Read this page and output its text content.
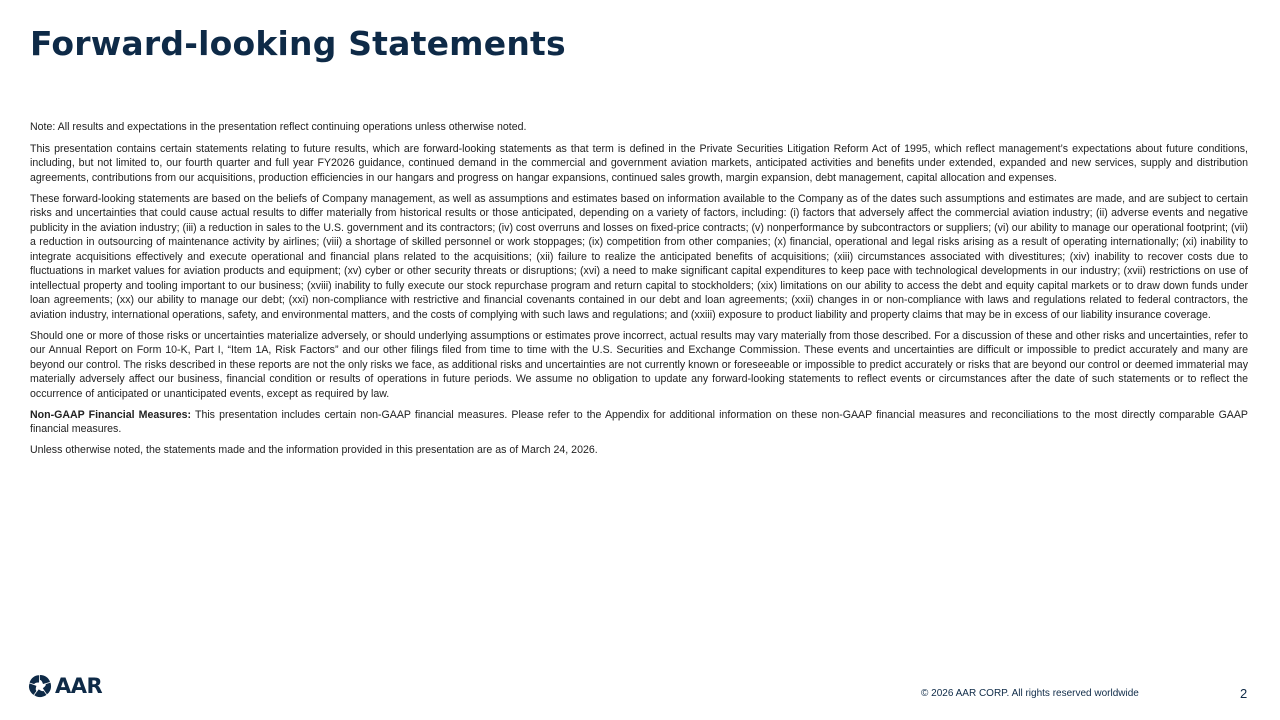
Forward-looking Statements

Note: All results and expectations in the presentation reflect continuing operations unless otherwise noted.

This presentation contains certain statements relating to future results, which are forward-looking statements as that term is defined in the Private Securities Litigation Reform Act of 1995, which reflect management’s expectations about future conditions, including, but not limited to, our fourth quarter and full year FY2026 guidance, continued demand in the commercial and government aviation markets, anticipated activities and benefits under extended, expanded and new services, supply and distribution agreements, contributions from our acquisitions, production efficiencies in our hangars and progress on hangar expansions, continued sales growth, margin expansion, debt management, capital allocation and expenses.

These forward-looking statements are based on the beliefs of Company management, as well as assumptions and estimates based on information available to the Company as of the dates such assumptions and estimates are made, and are subject to certain risks and uncertainties that could cause actual results to differ materially from historical results or those anticipated, depending on a variety of factors, including: (i) factors that adversely affect the commercial aviation industry; (ii) adverse events and negative publicity in the aviation industry; (iii) a reduction in sales to the U.S. government and its contractors; (iv) cost overruns and losses on fixed-price contracts; (v) nonperformance by subcontractors or suppliers; (vi) our ability to manage our operational footprint; (vii) a reduction in outsourcing of maintenance activity by airlines; (viii) a shortage of skilled personnel or work stoppages; (ix) competition from other companies; (x) financial, operational and legal risks arising as a result of operating internationally; (xi) inability to integrate acquisitions effectively and execute operational and financial plans related to the acquisitions; (xii) failure to realize the anticipated benefits of acquisitions; (xiii) circumstances associated with divestitures; (xiv) inability to recover costs due to fluctuations in market values for aviation products and equipment; (xv) cyber or other security threats or disruptions; (xvi) a need to make significant capital expenditures to keep pace with technological developments in our industry; (xvii) restrictions on use of intellectual property and tooling important to our business; (xviii) inability to fully execute our stock repurchase program and return capital to stockholders; (xix) limitations on our ability to access the debt and equity capital markets or to draw down funds under loan agreements; (xx) our ability to manage our debt; (xxi) non-compliance with restrictive and financial covenants contained in our debt and loan agreements; (xxii) changes in or non-compliance with laws and regulations related to federal contractors, the aviation industry, international operations, safety, and environmental matters, and the costs of complying with such laws and regulations; and (xxiii) exposure to product liability and property claims that may be in excess of our liability insurance coverage.

Should one or more of those risks or uncertainties materialize adversely, or should underlying assumptions or estimates prove incorrect, actual results may vary materially from those described. For a discussion of these and other risks and uncertainties, refer to our Annual Report on Form 10-K, Part I, “Item 1A, Risk Factors” and our other filings filed from time to time with the U.S. Securities and Exchange Commission. These events and uncertainties are difficult or impossible to predict accurately and many are beyond our control. The risks described in these reports are not the only risks we face, as additional risks and uncertainties are not currently known or foreseeable or impossible to predict accurately or risks that are beyond our control or deemed immaterial may materially adversely affect our business, financial condition or results of operations in future periods. We assume no obligation to update any forward-looking statements to reflect events or circumstances after the date of such statements or to reflect the occurrence of anticipated or unanticipated events, except as required by law.

Non-GAAP Financial Measures: This presentation includes certain non-GAAP financial measures. Please refer to the Appendix for additional information on these non-GAAP financial measures and reconciliations to the most directly comparable GAAP financial measures.

Unless otherwise noted, the statements made and the information provided in this presentation are as of March 24, 2026.

AAR	© 2026 AAR CORP. All rights reserved worldwide	2
